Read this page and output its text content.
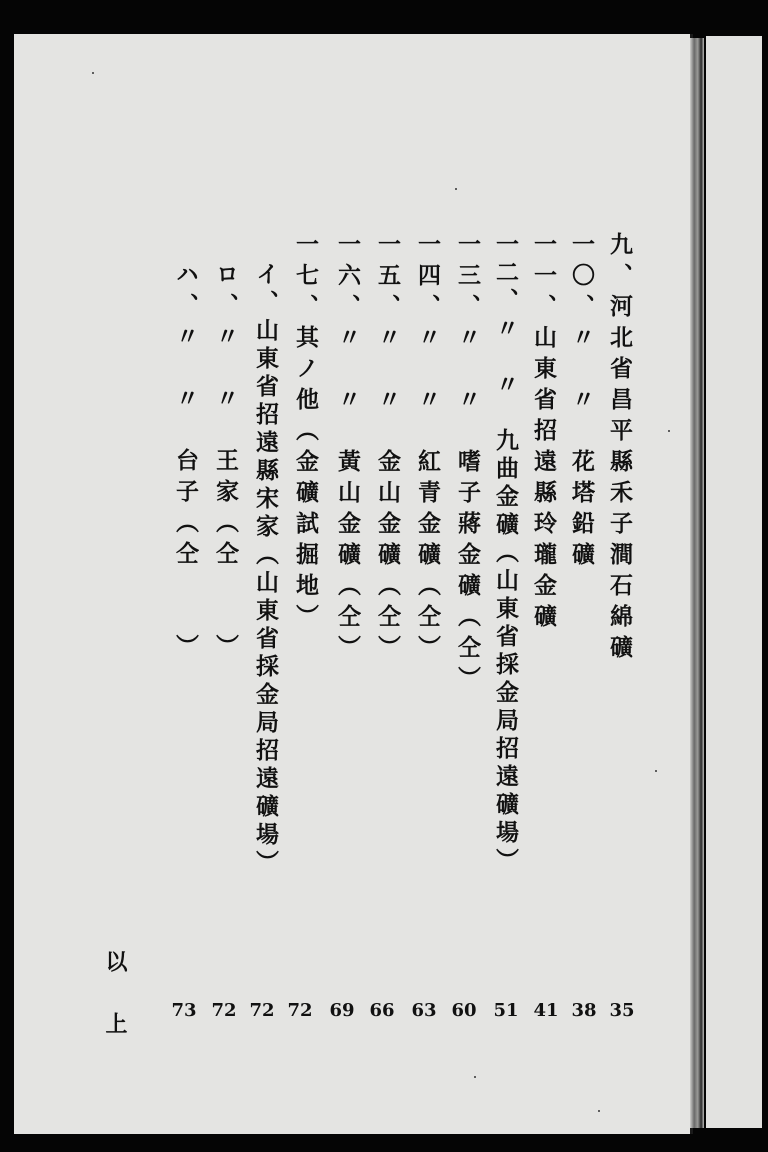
九、河北省昌平縣禾子澗石綿礦
35
一〇、〃　〃　花塔鉛礦
38
一一、山東省招遠縣玲瓏金礦
41
一二、〃　〃　九曲金礦（山東省採金局招遠礦場）
51
一三、〃　〃　嗜子蔣金礦（仝）
60
一四、〃　〃　紅青金礦（仝）
63
一五、〃　〃　金山金礦（仝）
66
一六、〃　〃　黃山金礦（仝）
69
一七、其ノ他（金礦試掘地）
72
イ、山東省招遠縣宋家（山東省採金局招遠礦場）
72
ロ、〃　〃　王家（仝　　）
72
ハ、〃　〃　台子（仝　　）
73
以上
